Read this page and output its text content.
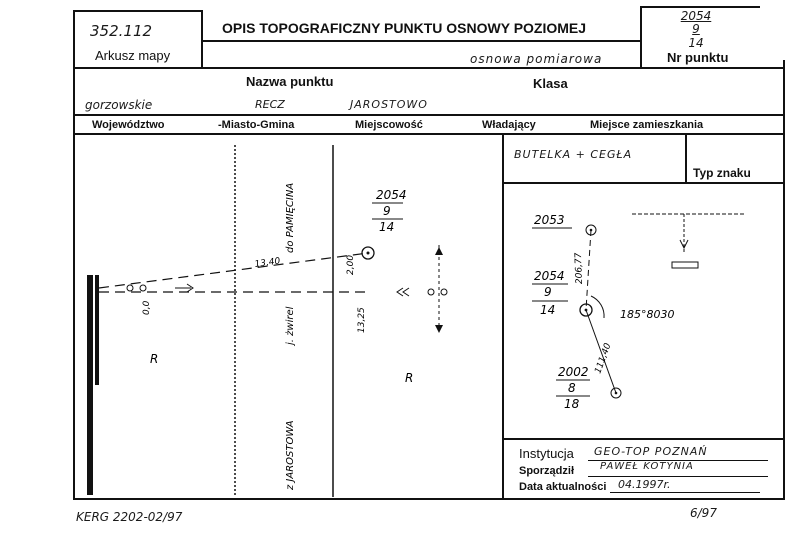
352.112
Arkusz mapy
OPIS TOPOGRAFICZNY PUNKTU OSNOWY POZIOMEJ
2054
9
14
Nr punktu
osnowa pomiarowa
Nazwa punktu	Klasa
gorzowskie	RECZ	JAROSTOWO
Województwo	-Miasto-Gmina	Miejscowość	Władający	Miejsce zamieszkania
BUTELKA + CEGŁA
Typ znaku
2054
9
14
13,40	2,00
13,25
0,0
do PAMIĘCINA
j. żwirel
z JAROSTOWA
R
R
2053
2054
9
14
2002
8
18
206,77
111,40
185°8030
Instytucja GEO-TOP POZNAŃ
Sporządził	PAWEŁ KOTYNIA
Data aktualności 04.1997r.
KERG 2202-02/97	6/97
